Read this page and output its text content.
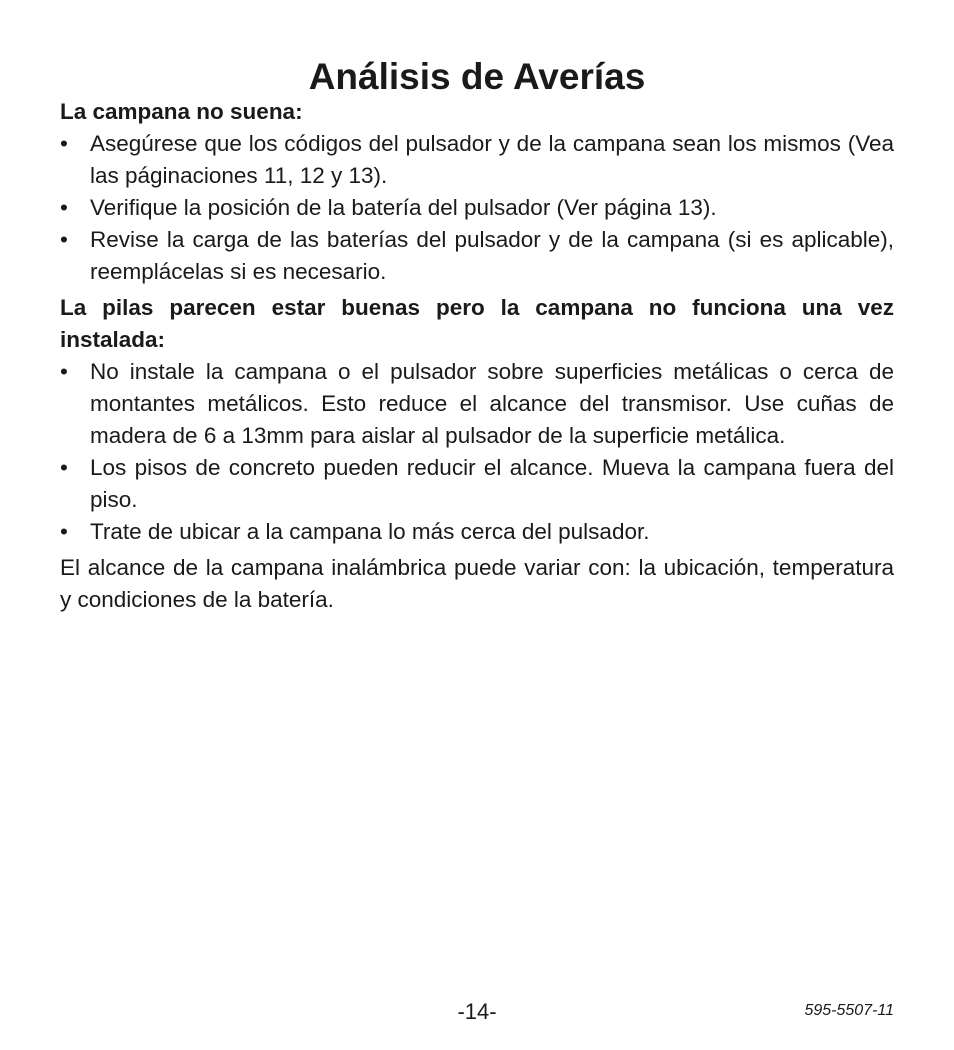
Análisis de Averías

La campana no suena:

• Asegúrese que los códigos del pulsador y de la campana sean los mismos (Vea las páginaciones 11, 12 y 13).
• Verifique la posición de la batería del pulsador (Ver página 13).
• Revise la carga de las baterías del pulsador y de la campana (si es aplicable), reemplácelas si es necesario.

La pilas parecen estar buenas pero la campana no funciona una vez instalada:

• No instale la campana o el pulsador sobre superficies metálicas o cerca de montantes metálicos. Esto reduce el alcance del transmisor. Use cuñas de madera de 6 a 13mm para aislar al pulsador de la superficie metálica.
• Los pisos de concreto pueden reducir el alcance. Mueva la campana fuera del piso.
• Trate de ubicar a la campana lo más cerca del pulsador.

El alcance de la campana inalámbrica puede variar con: la ubicación, temperatura y condiciones de la batería.

-14-	595-5507-11
